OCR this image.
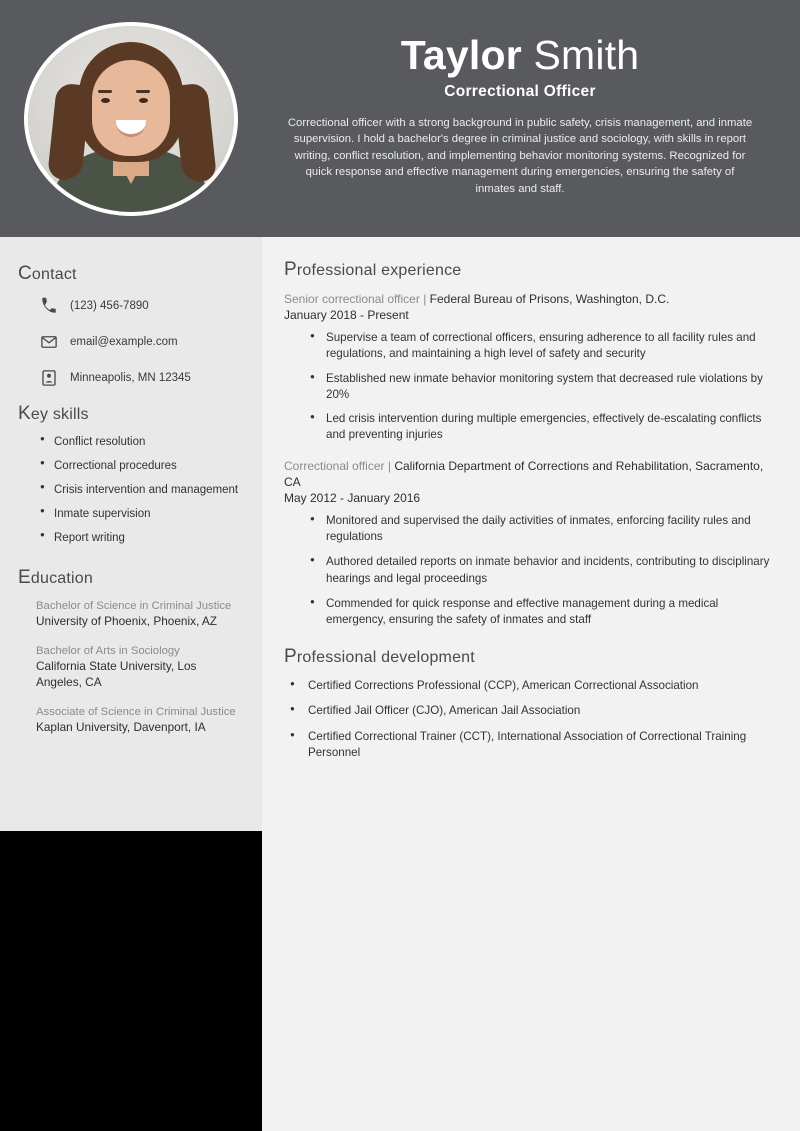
Taylor Smith
Correctional Officer
Correctional officer with a strong background in public safety, crisis management, and inmate supervision. I hold a bachelor's degree in criminal justice and sociology, with skills in report writing, conflict resolution, and implementing behavior monitoring systems. Recognized for quick response and effective management during emergencies, ensuring the safety of inmates and staff.
Contact
(123) 456-7890
email@example.com
Minneapolis, MN 12345
Key skills
● Conflict resolution
● Correctional procedures
● Crisis intervention and management
● Inmate supervision
● Report writing
Education
Bachelor of Science in Criminal Justice
University of Phoenix, Phoenix, AZ
Bachelor of Arts in Sociology
California State University, Los Angeles, CA
Associate of Science in Criminal Justice
Kaplan University, Davenport, IA
Professional experience
Senior correctional officer | Federal Bureau of Prisons, Washington, D.C.
January 2018 - Present
● Supervise a team of correctional officers, ensuring adherence to all facility rules and regulations, and maintaining a high level of safety and security
● Established new inmate behavior monitoring system that decreased rule violations by 20%
● Led crisis intervention during multiple emergencies, effectively de-escalating conflicts and preventing injuries
Correctional officer | California Department of Corrections and Rehabilitation, Sacramento, CA
May 2012 - January 2016
● Monitored and supervised the daily activities of inmates, enforcing facility rules and regulations
● Authored detailed reports on inmate behavior and incidents, contributing to disciplinary hearings and legal proceedings
● Commended for quick response and effective management during a medical emergency, ensuring the safety of inmates and staff
Professional development
● Certified Corrections Professional (CCP), American Correctional Association
● Certified Jail Officer (CJO), American Jail Association
● Certified Correctional Trainer (CCT), International Association of Correctional Training Personnel
